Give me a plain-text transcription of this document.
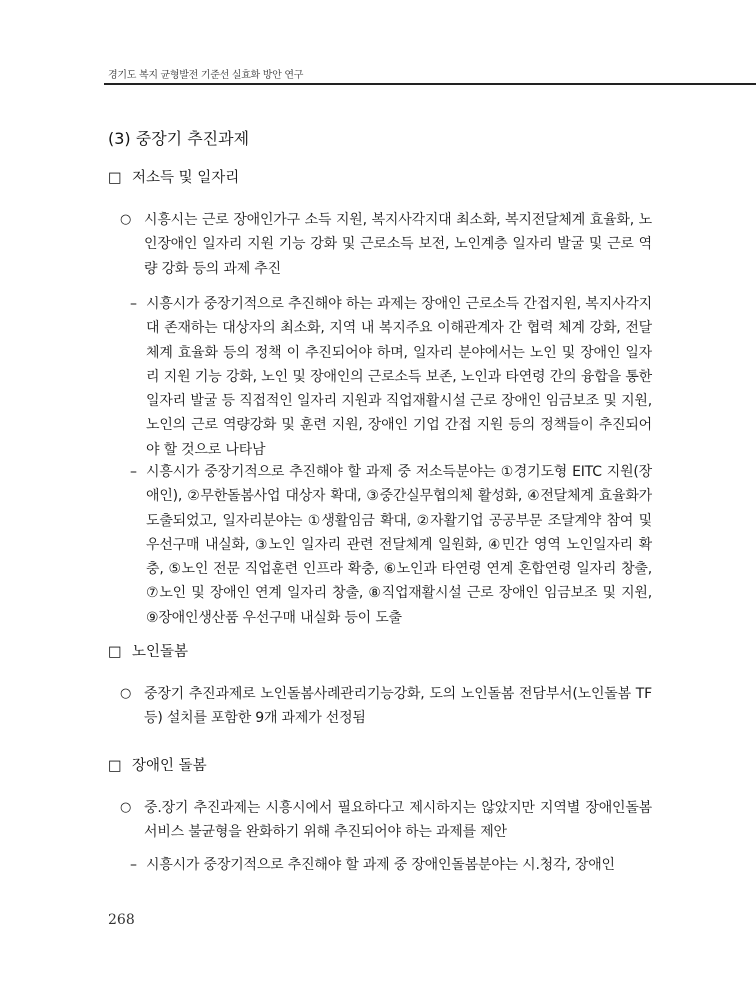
경기도 복지 균형발전 기준선 실효화 방안 연구
(3) 중장기 추진과제
□ 저소득 및 일자리
○ 시흥시는 근로 장애인가구 소득 지원, 복지사각지대 최소화, 복지전달체계 효율화, 노인장애인 일자리 지원 기능 강화 및 근로소득 보전, 노인계층 일자리 발굴 및 근로 역량 강화 등의 과제 추진
– 시흥시가 중장기적으로 추진해야 하는 과제는 장애인 근로소득 간접지원, 복지사각지대 존재하는 대상자의 최소화, 지역 내 복지주요 이해관계자 간 협력 체계 강화, 전달체계 효율화 등의 정책 이 추진되어야 하며, 일자리 분야에서는 노인 및 장애인 일자리 지원 기능 강화, 노인 및 장애인의 근로소득 보존, 노인과 타연령 간의 융합을 통한 일자리 발굴 등 직접적인 일자리 지원과 직업재활시설 근로 장애인 임금보조 및 지원, 노인의 근로 역량강화 및 훈련 지원, 장애인 기업 간접 지원 등의 정책들이 추진되어야 할 것으로 나타남
– 시흥시가 중장기적으로 추진해야 할 과제 중 저소득분야는 ①경기도형 EITC 지원(장애인), ②무한돌봄사업 대상자 확대, ③중간실무협의체 활성화, ④전달체계 효율화가 도출되었고, 일자리분야는 ①생활임금 확대, ②자활기업 공공부문 조달계약 참여 및 우선구매 내실화, ③노인 일자리 관련 전달체계 일원화, ④민간 영역 노인일자리 확충, ⑤노인 전문 직업훈련 인프라 확충, ⑥노인과 타연령 연계 혼합연령 일자리 창출, ⑦노인 및 장애인 연계 일자리 창출, ⑧직업재활시설 근로 장애인 임금보조 및 지원, ⑨장애인생산품 우선구매 내실화 등이 도출
□ 노인돌봄
○ 중장기 추진과제로 노인돌봄사례관리기능강화, 도의 노인돌봄 전담부서(노인돌봄 TF 등) 설치를 포함한 9개 과제가 선정됨
□ 장애인 돌봄
○ 중.장기 추진과제는 시흥시에서 필요하다고 제시하지는 않았지만 지역별 장애인돌봄서비스 불균형을 완화하기 위해 추진되어야 하는 과제를 제안
– 시흥시가 중장기적으로 추진해야 할 과제 중 장애인돌봄분야는 시.청각, 장애인
268
